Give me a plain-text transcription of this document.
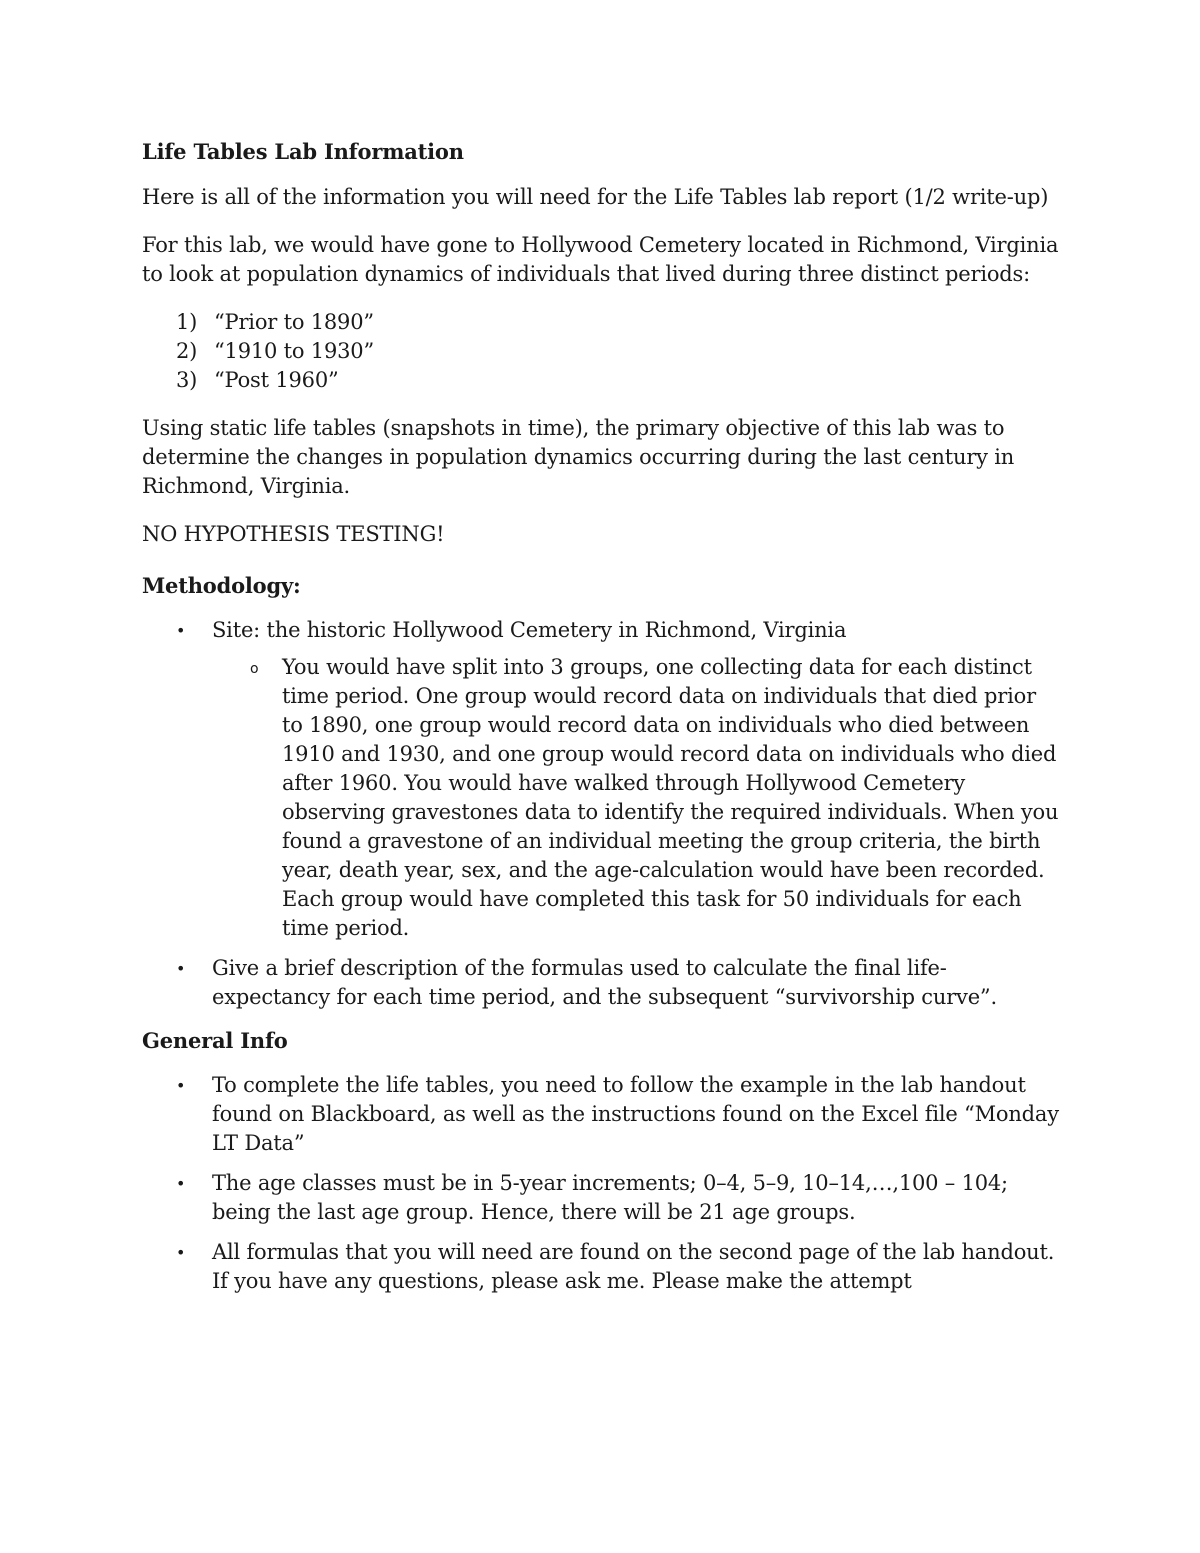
Life Tables Lab Information

Here is all of the information you will need for the Life Tables lab report (1/2 write-up)

For this lab, we would have gone to Hollywood Cemetery located in Richmond, Virginia to look at population dynamics of individuals that lived during three distinct periods:

1) “Prior to 1890”
2) “1910 to 1930”
3) “Post 1960”

Using static life tables (snapshots in time), the primary objective of this lab was to determine the changes in population dynamics occurring during the last century in Richmond, Virginia.

NO HYPOTHESIS TESTING!

Methodology:
• Site: the historic Hollywood Cemetery in Richmond, Virginia
o You would have split into 3 groups, one collecting data for each distinct time period. One group would record data on individuals that died prior to 1890, one group would record data on individuals who died between 1910 and 1930, and one group would record data on individuals who died after 1960. You would have walked through Hollywood Cemetery observing gravestones data to identify the required individuals. When you found a gravestone of an individual meeting the group criteria, the birth year, death year, sex, and the age-calculation would have been recorded. Each group would have completed this task for 50 individuals for each time period.
• Give a brief description of the formulas used to calculate the final life-expectancy for each time period, and the subsequent “survivorship curve”.
General Info
• To complete the life tables, you need to follow the example in the lab handout found on Blackboard, as well as the instructions found on the Excel file “Monday LT Data”
• The age classes must be in 5-year increments; 0–4, 5–9, 10–14,…,100 – 104; being the last age group. Hence, there will be 21 age groups.
• All formulas that you will need are found on the second page of the lab handout. If you have any questions, please ask me. Please make the attempt
